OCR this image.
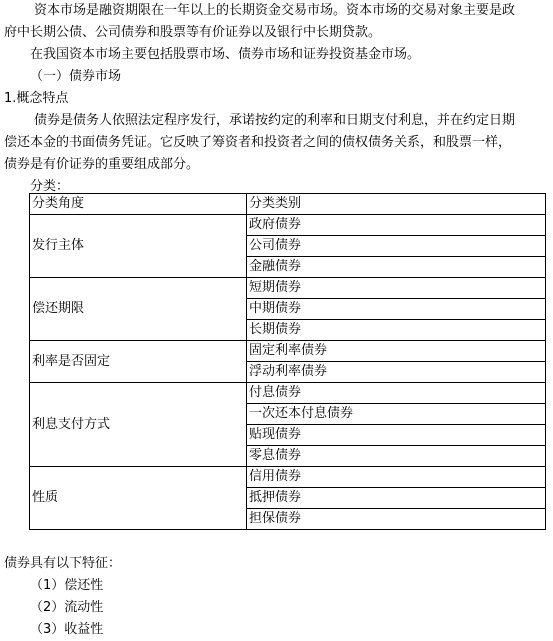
资本市场是融资期限在一年以上的长期资金交易市场。资本市场的交易对象主要是政
府中长期公债、公司债券和股票等有价证券以及银行中长期贷款。

在我国资本市场主要包括股票市场、债券市场和证券投资基金市场。

（一）债券市场

1.概念特点

债券是债务人依照法定程序发行，承诺按约定的利率和日期支付利息，并在约定日期
偿还本金的书面债务凭证。它反映了筹资者和投资者之间的债权债务关系，和股票一样，
债券是有价证券的重要组成部分。

分类：

分类角度	分类类别
发行主体	政府债券
	公司债券
	金融债券
偿还期限	短期债券
	中期债券
	长期债券
利率是否固定	固定利率债券
	浮动利率债券
利息支付方式	付息债券
	一次还本付息债券
	贴现债券
	零息债券
性质	信用债券
	抵押债券
	担保债券

债券具有以下特征：

（1）偿还性

（2）流动性

（3）收益性
